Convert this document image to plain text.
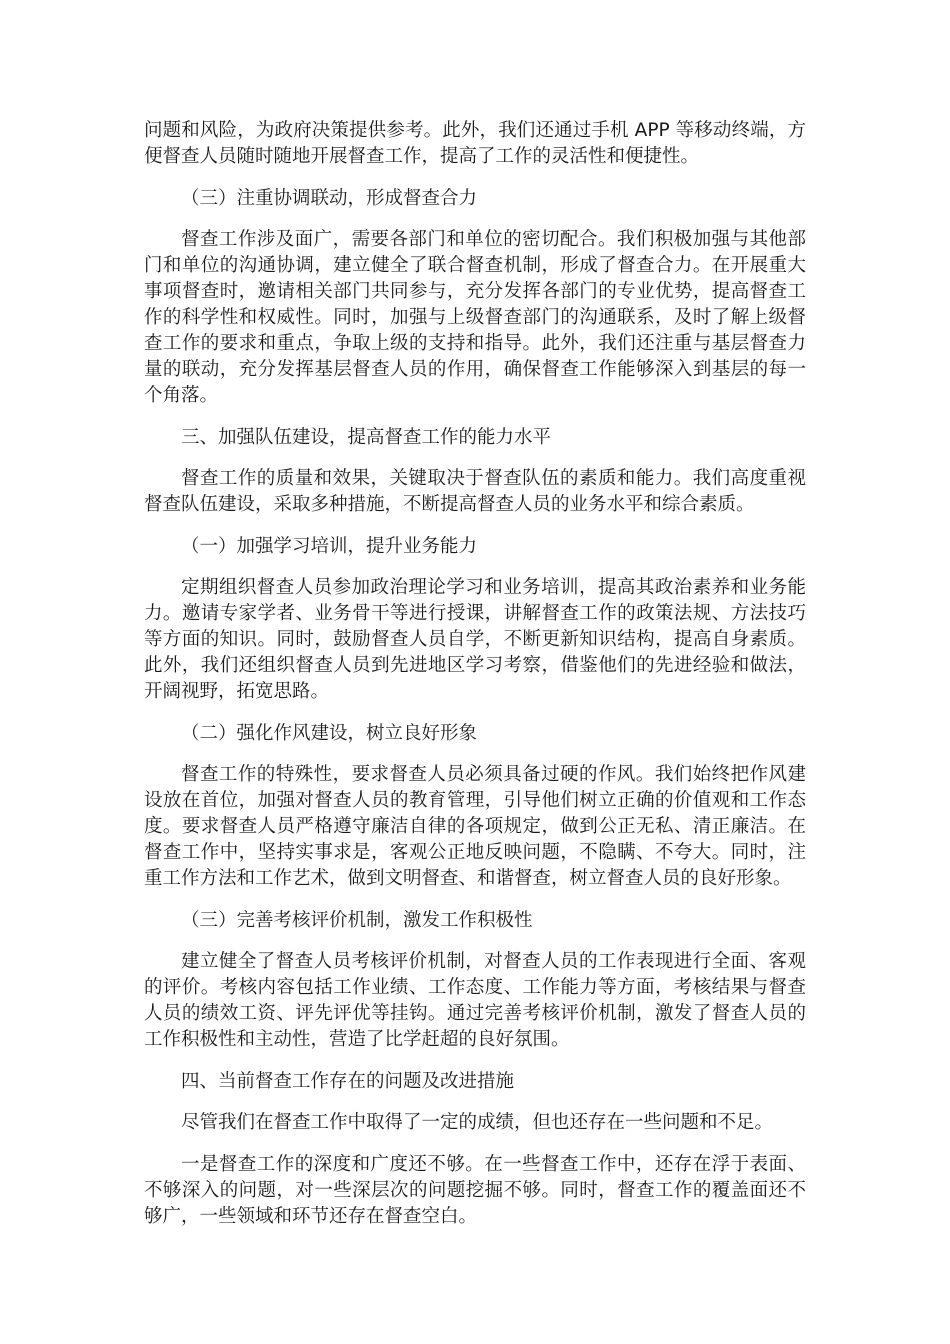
问题和风险，为政府决策提供参考。此外，我们还通过手机 APP 等移动终端，方便督查人员随时随地开展督查工作，提高了工作的灵活性和便捷性。

（三）注重协调联动，形成督查合力

督查工作涉及面广，需要各部门和单位的密切配合。我们积极加强与其他部门和单位的沟通协调，建立健全了联合督查机制，形成了督查合力。在开展重大事项督查时，邀请相关部门共同参与，充分发挥各部门的专业优势，提高督查工作的科学性和权威性。同时，加强与上级督查部门的沟通联系，及时了解上级督查工作的要求和重点，争取上级的支持和指导。此外，我们还注重与基层督查力量的联动，充分发挥基层督查人员的作用，确保督查工作能够深入到基层的每一个角落。

三、加强队伍建设，提高督查工作的能力水平

督查工作的质量和效果，关键取决于督查队伍的素质和能力。我们高度重视督查队伍建设，采取多种措施，不断提高督查人员的业务水平和综合素质。

（一）加强学习培训，提升业务能力

定期组织督查人员参加政治理论学习和业务培训，提高其政治素养和业务能力。邀请专家学者、业务骨干等进行授课，讲解督查工作的政策法规、方法技巧等方面的知识。同时，鼓励督查人员自学，不断更新知识结构，提高自身素质。此外，我们还组织督查人员到先进地区学习考察，借鉴他们的先进经验和做法，开阔视野，拓宽思路。

（二）强化作风建设，树立良好形象

督查工作的特殊性，要求督查人员必须具备过硬的作风。我们始终把作风建设放在首位，加强对督查人员的教育管理，引导他们树立正确的价值观和工作态度。要求督查人员严格遵守廉洁自律的各项规定，做到公正无私、清正廉洁。在督查工作中，坚持实事求是，客观公正地反映问题，不隐瞒、不夸大。同时，注重工作方法和工作艺术，做到文明督查、和谐督查，树立督查人员的良好形象。

（三）完善考核评价机制，激发工作积极性

建立健全了督查人员考核评价机制，对督查人员的工作表现进行全面、客观的评价。考核内容包括工作业绩、工作态度、工作能力等方面，考核结果与督查人员的绩效工资、评先评优等挂钩。通过完善考核评价机制，激发了督查人员的工作积极性和主动性，营造了比学赶超的良好氛围。

四、当前督查工作存在的问题及改进措施

尽管我们在督查工作中取得了一定的成绩，但也还存在一些问题和不足。

一是督查工作的深度和广度还不够。在一些督查工作中，还存在浮于表面、不够深入的问题，对一些深层次的问题挖掘不够。同时，督查工作的覆盖面还不够广，一些领域和环节还存在督查空白。
